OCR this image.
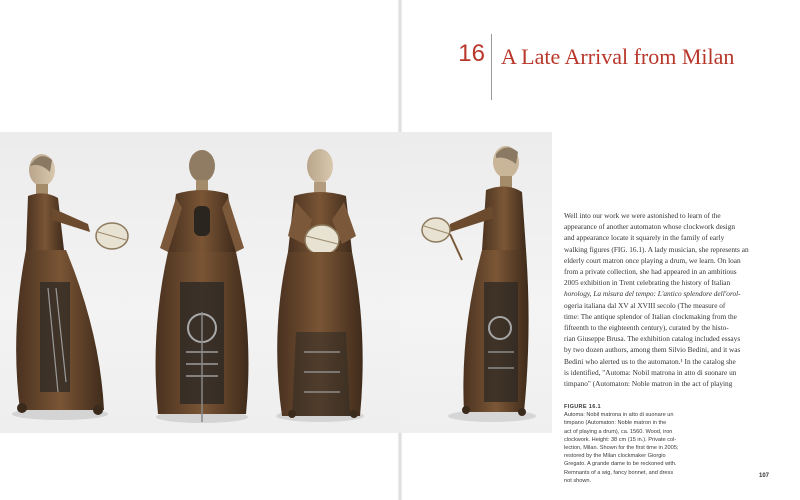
16 A Late Arrival from Milan

Well into our work we were astonished to learn of the

appearance of another automaton whose clockwork design

and appearance locate it squarely in the family of early

walking figures (FIG. 16.1). A lady musician, she represents an

elderly court matron once playing a drum, we learn. On loan

from a private collection, she had appeared in an ambitious

2005 exhibition in Trent celebrating the history of Italian

horology, La misura del tempo: L'antico splendore dell'orol-

ogeria italiana dal XV al XVIII secolo (The measure of

time: The antique splendor of Italian clockmaking from the

fifteenth to the eighteenth century), curated by the histo-

rian Giuseppe Brusa. The exhibition catalog included essays

by two dozen authors, among them Silvio Bedini, and it was

Bedini who alerted us to the automaton.¹ In the catalog she

is identified, "Automa: Nobil matrona in atto di suonare un

timpano" (Automaton: Noble matron in the act of playing

FIGURE 16.1

Automa: Nobil matrona in atto di suonare un

timpano (Automaton: Noble matron in the

act of playing a drum), ca. 1560. Wood, iron

clockwork. Height: 38 cm (15 in.). Private col-

lection, Milan. Shown for the first time in 2005;

restored by the Milan clockmaker Giorgio

Gregato. A grande dame to be reckoned with.

Remnants of a wig, fancy bonnet, and dress

not shown.

107
